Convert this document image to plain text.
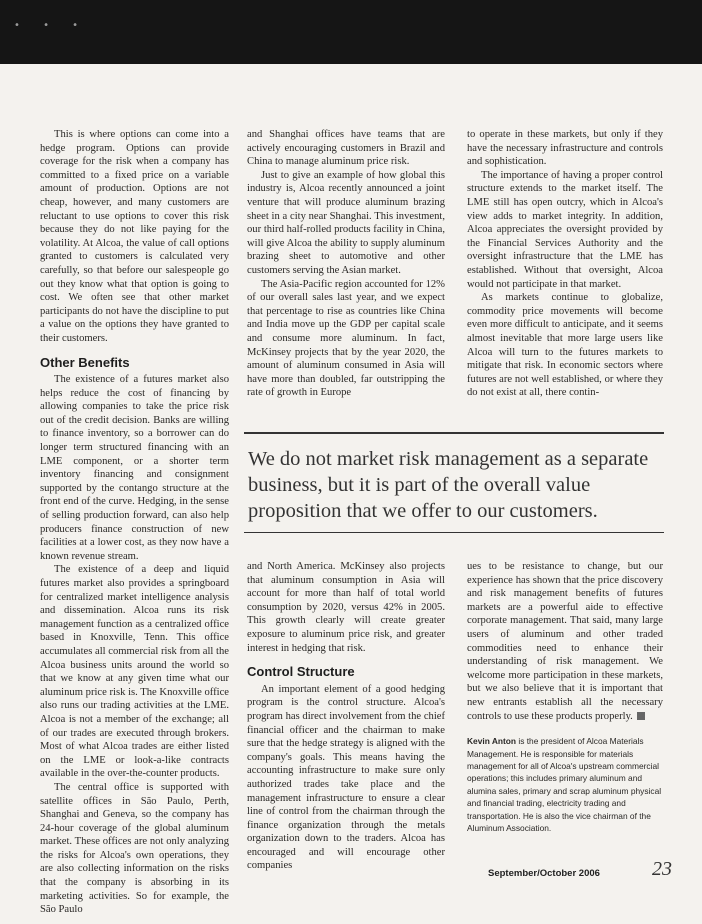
• • •

This is where options can come into a hedge program. Options can provide coverage for the risk when a company has committed to a fixed price on a variable amount of production. Options are not cheap, however, and many customers are reluctant to use options to cover this risk because they do not like paying for the volatility. At Alcoa, the value of call options granted to customers is calculated very carefully, so that before our salespeople go out they know what that option is going to cost. We often see that other market participants do not have the discipline to put a value on the options they have granted to their customers.

Other Benefits

The existence of a futures market also helps reduce the cost of financing by allowing companies to take the price risk out of the credit decision. Banks are willing to finance inventory, so a borrower can do longer term structured financing with an LME component, or a shorter term inventory financing and consignment supported by the contango structure at the front end of the curve. Hedging, in the sense of selling production forward, can also help producers finance construction of new facilities at a lower cost, as they now have a known revenue stream.

The existence of a deep and liquid futures market also provides a springboard for centralized market intelligence analysis and dissemination. Alcoa runs its risk management function as a centralized office based in Knoxville, Tenn. This office accumulates all commercial risk from all the Alcoa business units around the world so that we know at any given time what our aluminum price risk is. The Knoxville office also runs our trading activities at the LME. Alcoa is not a member of the exchange; all of our trades are executed through brokers. Most of what Alcoa trades are either listed on the LME or look-a-like contracts available in the over-the-counter products.

The central office is supported with satellite offices in São Paulo, Perth, Shanghai and Geneva, so the company has 24-hour coverage of the global aluminum market. These offices are not only analyzing the risks for Alcoa's own operations, they are also collecting information on the risks that the company is absorbing in its marketing activities. So for example, the São Paulo

and Shanghai offices have teams that are actively encouraging customers in Brazil and China to manage aluminum price risk.

Just to give an example of how global this industry is, Alcoa recently announced a joint venture that will produce aluminum brazing sheet in a city near Shanghai. This investment, our third half-rolled products facility in China, will give Alcoa the ability to supply aluminum brazing sheet to automotive and other customers serving the Asian market.

The Asia-Pacific region accounted for 12% of our overall sales last year, and we expect that percentage to rise as countries like China and India move up the GDP per capital scale and consume more aluminum. In fact, McKinsey projects that by the year 2020, the amount of aluminum consumed in Asia will have more than doubled, far outstripping the rate of growth in Europe

to operate in these markets, but only if they have the necessary infrastructure and controls and sophistication.

The importance of having a proper control structure extends to the market itself. The LME still has open outcry, which in Alcoa's view adds to market integrity. In addition, Alcoa appreciates the oversight provided by the Financial Services Authority and the oversight infrastructure that the LME has established. Without that oversight, Alcoa would not participate in that market.

As markets continue to globalize, commodity price movements will become even more difficult to anticipate, and it seems almost inevitable that more large users like Alcoa will turn to the futures markets to mitigate that risk. In economic sectors where futures are not well established, or where they do not exist at all, there contin-

We do not market risk management as a separate business, but it is part of the overall value proposition that we offer to our customers.

and North America. McKinsey also projects that aluminum consumption in Asia will account for more than half of total world consumption by 2020, versus 42% in 2005. This growth clearly will create greater exposure to aluminum price risk, and greater interest in hedging that risk.

Control Structure

An important element of a good hedging program is the control structure. Alcoa's program has direct involvement from the chief financial officer and the chairman to make sure that the hedge strategy is aligned with the company's goals. This means having the accounting infrastructure to make sure only authorized trades take place and the management infrastructure to ensure a clear line of control from the chairman through the finance organization through the metals organization down to the traders. Alcoa has encouraged and will encourage other companies

ues to be resistance to change, but our experience has shown that the price discovery and risk management benefits of futures markets are a powerful aide to effective corporate management. That said, many large users of aluminum and other traded commodities need to enhance their understanding of risk management. We welcome more participation in these markets, but we also believe that it is important that new entrants establish all the necessary controls to use these products properly.

Kevin Anton is the president of Alcoa Materials Management. He is responsible for materials management for all of Alcoa's upstream commercial operations; this includes primary aluminum and alumina sales, primary and scrap aluminum physical and financial trading, electricity trading and transportation. He is also the vice chairman of the Aluminum Association.
September/October 2006	23
